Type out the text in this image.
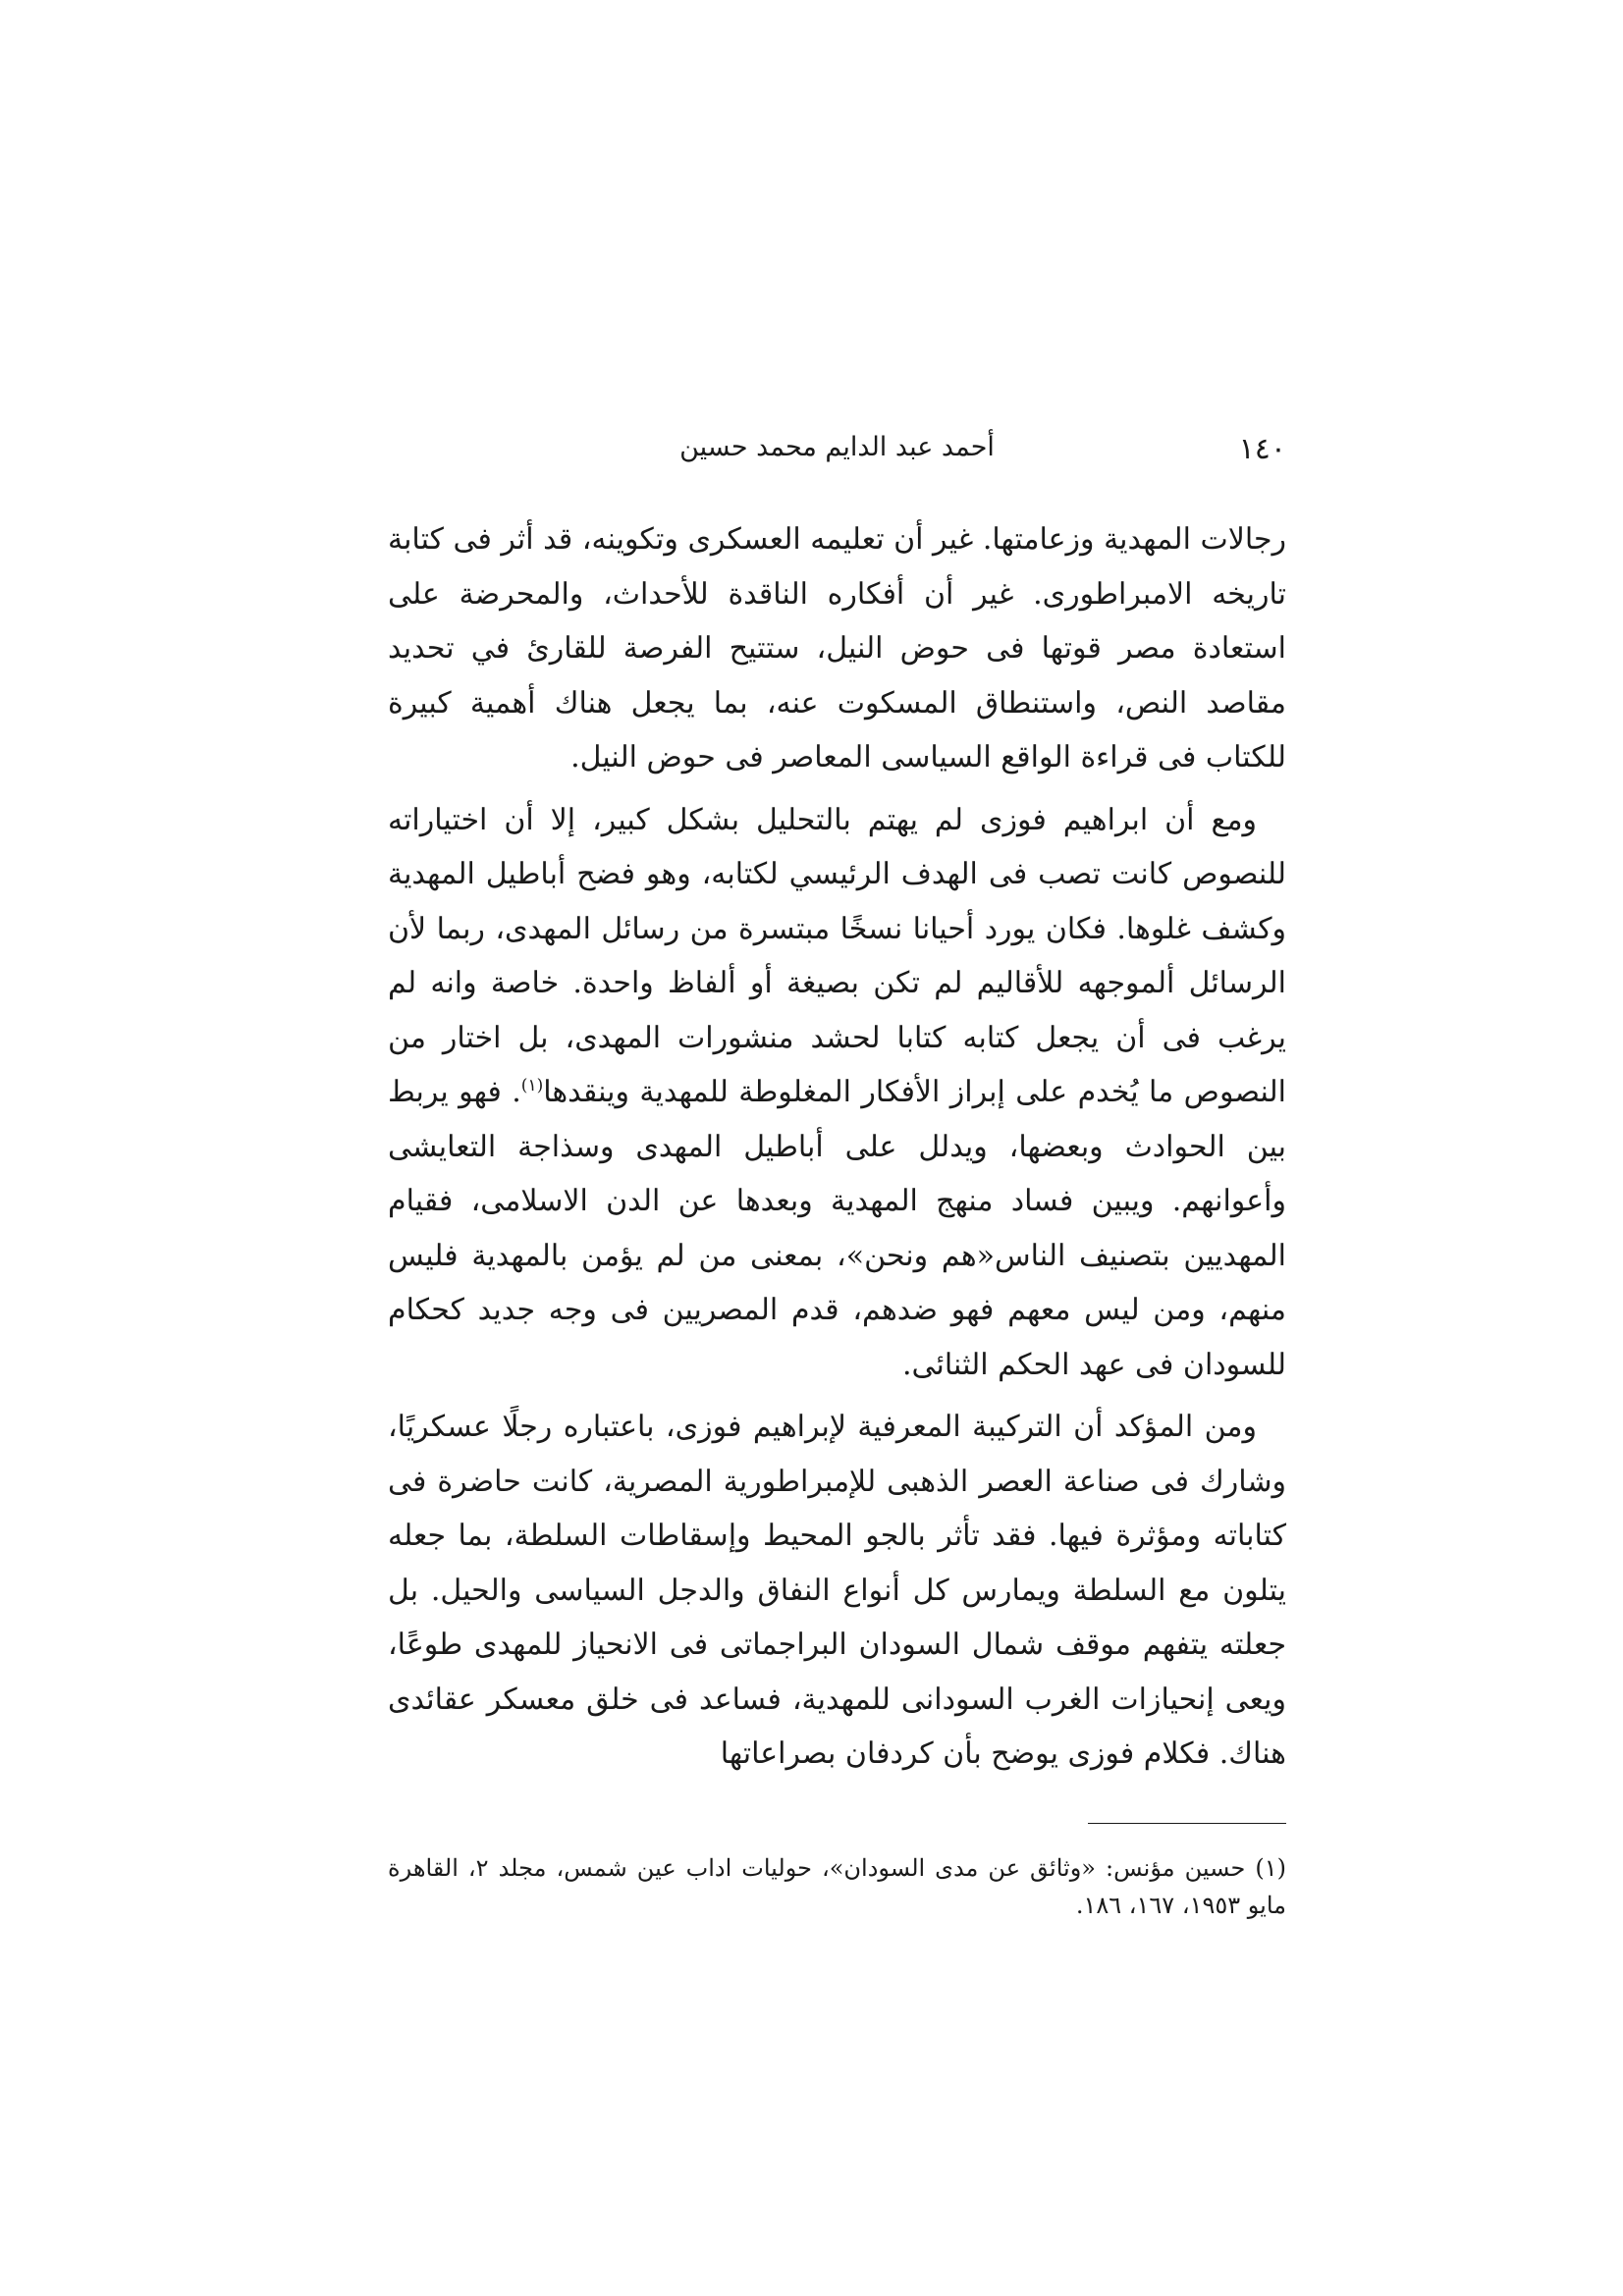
١٤٠
أحمد عبد الدايم محمد حسين

رجالات المهدية وزعامتها. غير أن تعليمه العسكرى وتكوينه، قد أثر فى كتابة تاريخه الامبراطورى. غير أن أفكاره الناقدة للأحداث، والمحرضة على استعادة مصر قوتها فى حوض النيل، ستتيح الفرصة للقارئ في تحديد مقاصد النص، واستنطاق المسكوت عنه، بما يجعل هناك أهمية كبيرة للكتاب فى قراءة الواقع السياسى المعاصر فى حوض النيل.

ومع أن ابراهيم فوزى لم يهتم بالتحليل بشكل كبير، إلا أن اختياراته للنصوص كانت تصب فى الهدف الرئيسي لكتابه، وهو فضح أباطيل المهدية وكشف غلوها. فكان يورد أحيانا نسخًا مبتسرة من رسائل المهدى، ربما لأن الرسائل ألموجهه للأقاليم لم تكن بصيغة أو ألفاظ واحدة. خاصة وانه لم يرغب فى أن يجعل كتابه كتابا لحشد منشورات المهدى، بل اختار من النصوص ما يُخدم على إبراز الأفكار المغلوطة للمهدية وينقدها$^{(١)}$. فهو يربط بين الحوادث وبعضها، ويدلل على أباطيل المهدى وسذاجة التعايشى وأعوانهم. ويبين فساد منهج المهدية وبعدها عن الدن الاسلامى، فقيام المهديين بتصنيف الناس«هم ونحن»، بمعنى من لم يؤمن بالمهدية فليس منهم، ومن ليس معهم فهو ضدهم، قدم المصريين فى وجه جديد كحكام للسودان فى عهد الحكم الثنائى.

ومن المؤكد أن التركيبة المعرفية لإبراهيم فوزى، باعتباره رجلًا عسكريًا، وشارك فى صناعة العصر الذهبى للإمبراطورية المصرية، كانت حاضرة فى كتاباته ومؤثرة فيها. فقد تأثر بالجو المحيط وإسقاطات السلطة، بما جعله يتلون مع السلطة ويمارس كل أنواع النفاق والدجل السياسى والحيل. بل جعلته يتفهم موقف شمال السودان البراجماتى فى الانحياز للمهدى طوعًا، ويعى إنحيازات الغرب السودانى للمهدية، فساعد فى خلق معسكر عقائدى هناك. فكلام فوزى يوضح بأن كردفان بصراعاتها

(١) حسين مؤنس: «وثائق عن مدى السودان»، حوليات اداب عين شمس، مجلد ٢، القاهرة مايو ١٩٥٣، ١٦٧، ١٨٦.
